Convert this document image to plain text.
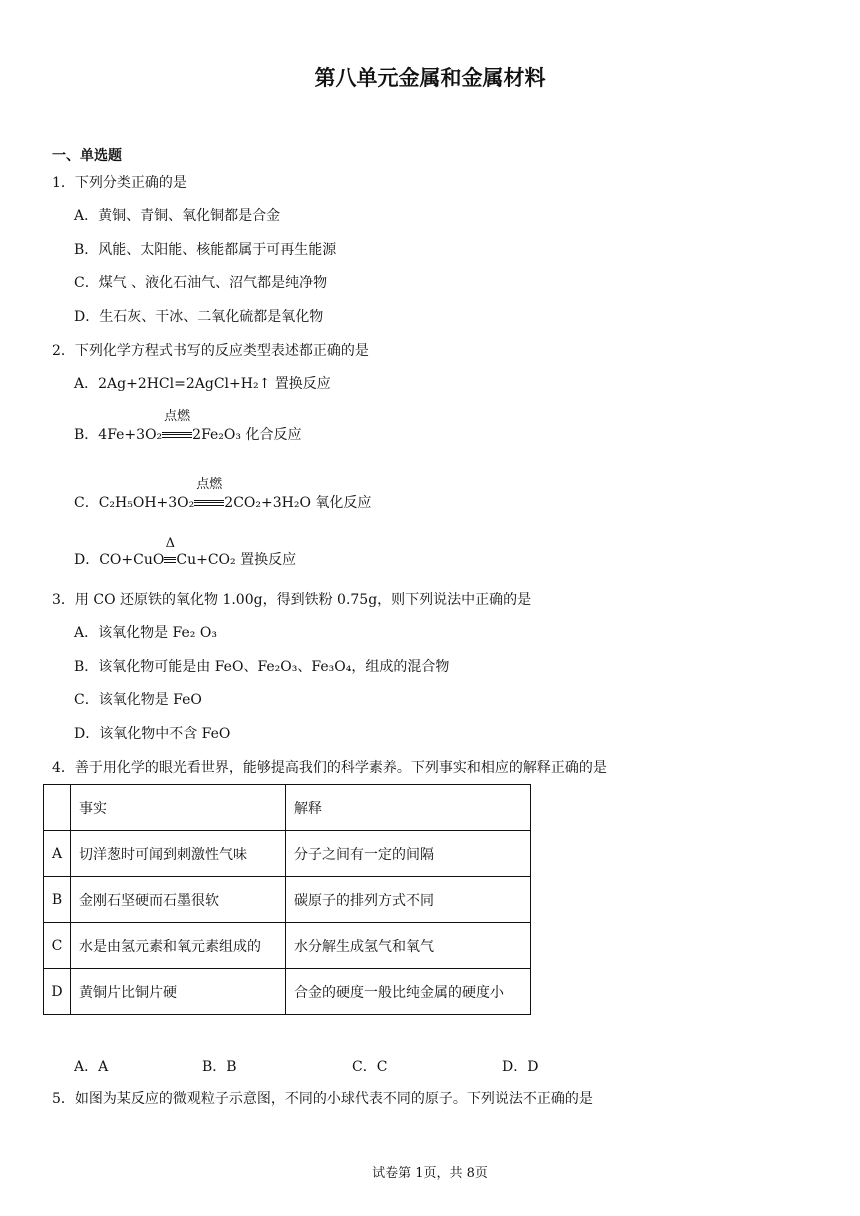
第八单元金属和金属材料
一、单选题
1．下列分类正确的是
A．黄铜、青铜、氧化铜都是合金
B．风能、太阳能、核能都属于可再生能源
C．煤气 、液化石油气、沼气都是纯净物
D．生石灰、干冰、二氧化硫都是氧化物
2．下列化学方程式书写的反应类型表述都正确的是
A．2Ag+2HCl=2AgCl+H₂↑ 置换反应
B．4Fe+3O₂
点燃
2Fe₂O₃ 化合反应
C．C₂H₅OH+3O₂
点燃
2CO₂+3H₂O 氧化反应
D．CO+CuO
Δ
Cu+CO₂ 置换反应
3．用 CO 还原铁的氧化物 1.00g，得到铁粉 0.75g，则下列说法中正确的是
A．该氧化物是 Fe₂ O₃
B．该氧化物可能是由 FeO、Fe₂O₃、Fe₃O₄，组成的混合物
C．该氧化物是 FeO
D．该氧化物中不含 FeO
4．善于用化学的眼光看世界，能够提高我们的科学素养。下列事实和相应的解释正确的是
	事实	解释
A	切洋葱时可闻到刺激性气味	分子之间有一定的间隔
B	金刚石坚硬而石墨很软	碳原子的排列方式不同
C	水是由氢元素和氧元素组成的	水分解生成氢气和氧气
D	黄铜片比铜片硬	合金的硬度一般比纯金属的硬度小
A．A	B．B	C．C	D．D
5．如图为某反应的微观粒子示意图，不同的小球代表不同的原子。下列说法不正确的是
试卷第 1页，共 8页
